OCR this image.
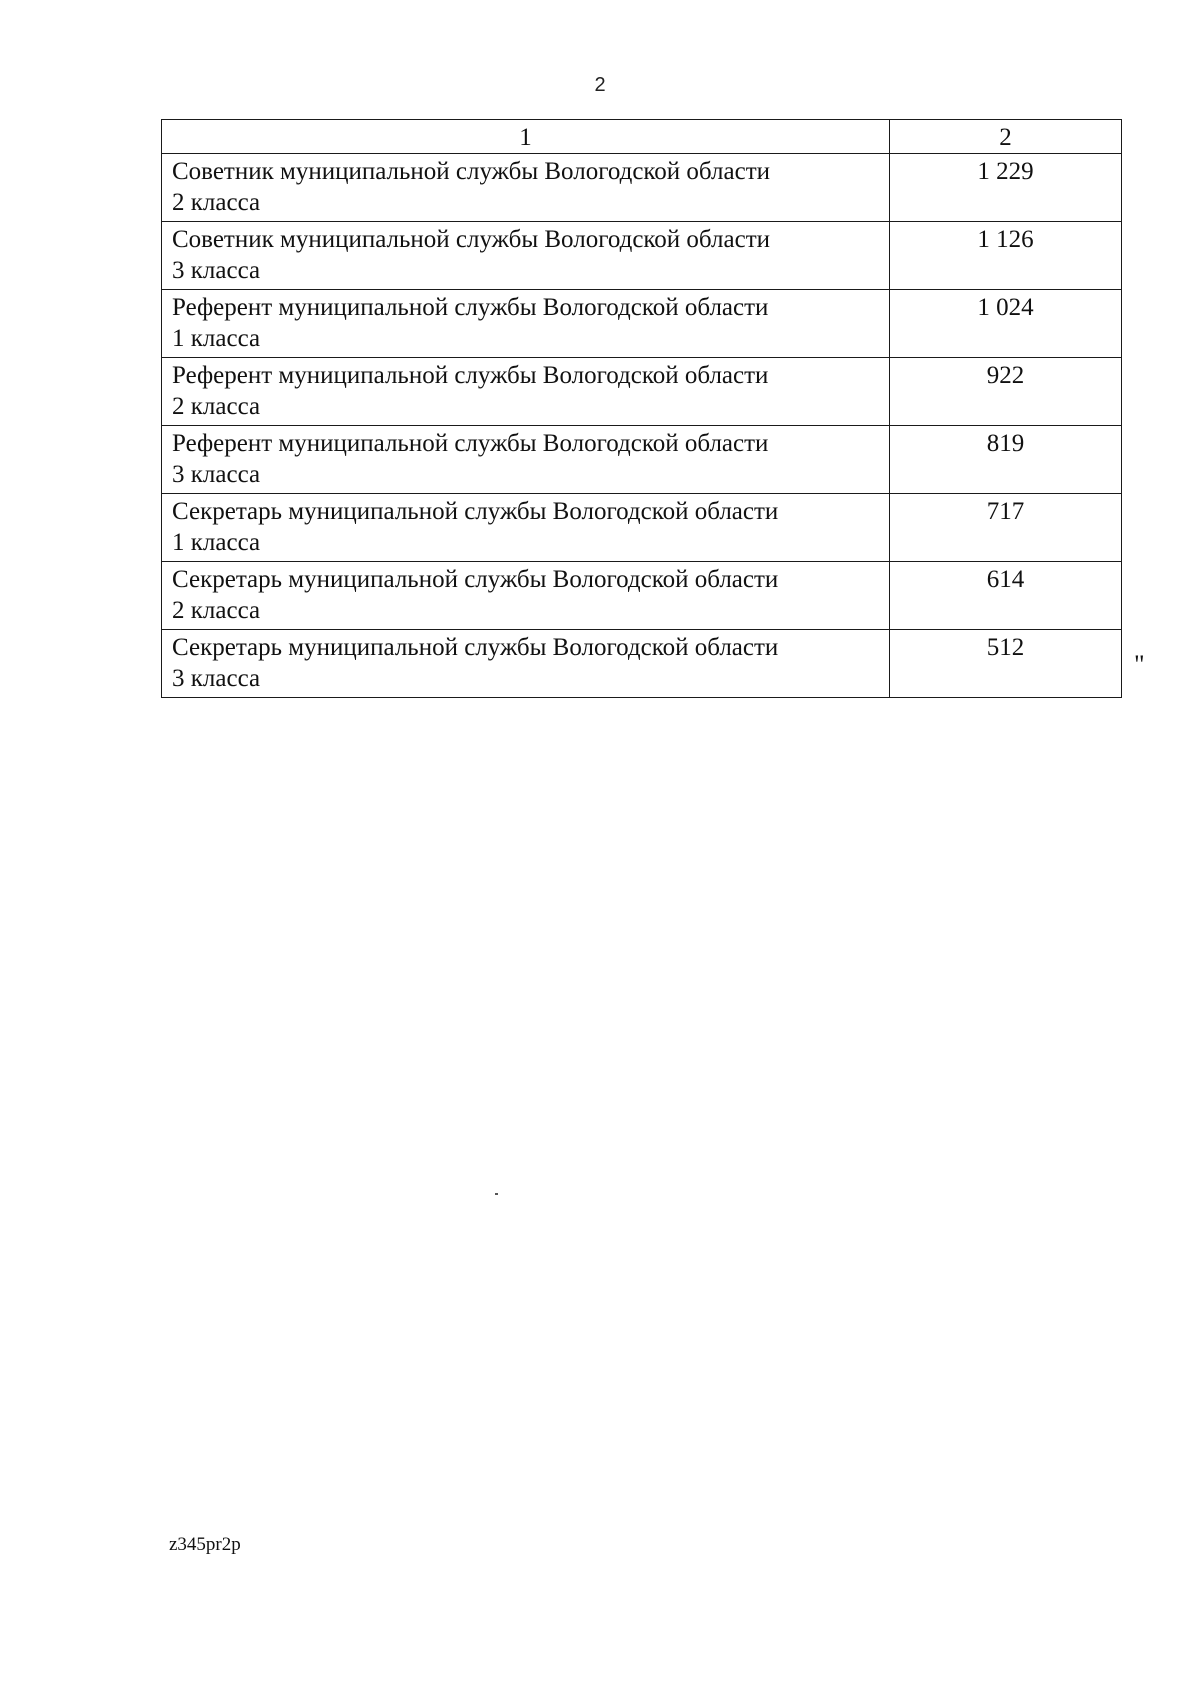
2
1	2

Советник муниципальной службы Вологодской области
2 класса	1 229

Советник муниципальной службы Вологодской области
3 класса	1 126

Референт муниципальной службы Вологодской области
1 класса	1 024

Референт муниципальной службы Вологодской области
2 класса	922

Референт муниципальной службы Вологодской области
3 класса	819

Секретарь муниципальной службы Вологодской области
1 класса	717

Секретарь муниципальной службы Вологодской области
2 класса	614

Секретарь муниципальной службы Вологодской области
3 класса	512
"
z345pr2p
